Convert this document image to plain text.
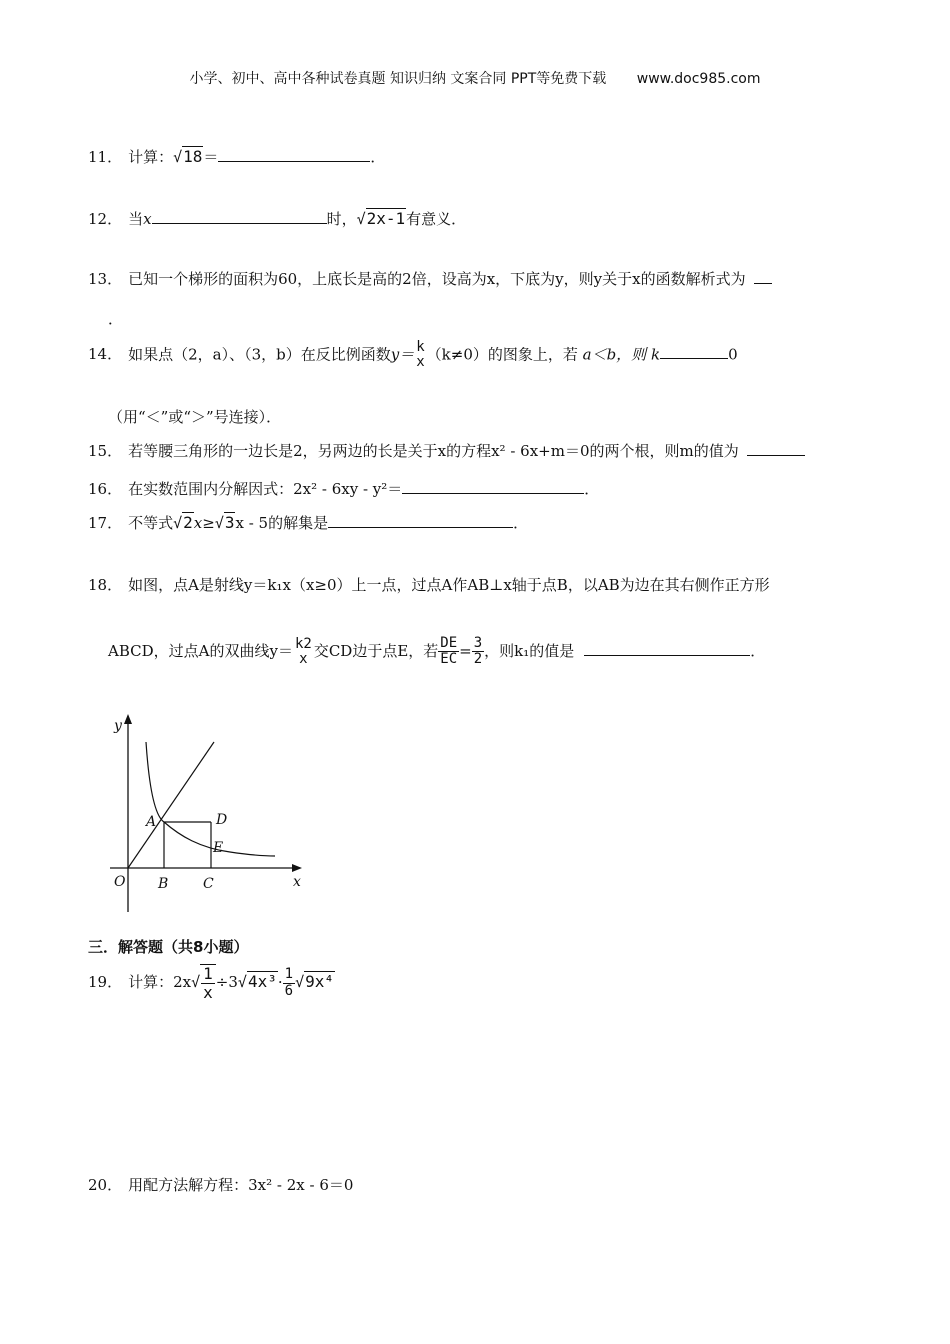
小学、初中、高中各种试卷真题 知识归纳 文案合同 PPT等免费下载 www.doc985.com
11． 计算：√18＝	．
12． 当x	时，√2x-1有意义．
13． 已知一个梯形的面积为60，上底长是高的2倍，设高为x，下底为y，则y关于x的函数解析式为
．
14． 如果点（2，a）、（3，b）在反比例函数y＝ k
x （k≠0）的图象上，若 a＜b，则 k	0
（用“＜”或“＞”号连接）．
15． 若等腰三角形的一边长是2，另两边的长是关于x的方程x² - 6x+m＝0的两个根，则m的值为
16． 在实数范围内分解因式：2x² - 6xy - y²＝	．
17． 不等式√2x≥√3x - 5的解集是	．
18． 如图，点A是射线y＝k₁x（x≥0）上一点，过点A作AB⊥x轴于点B，以AB为边在其右侧作正方形
ABCD，过点A的双曲线y＝ k2
x 交CD边于点E，若 $\frac{DE}{EC} = \frac{3}{2}$ ，则k₁的值是	．
y
x
O
A
B C
D
E
三．解答题（共8小题）
19． 计算：$2x√ \frac{1}{x} \div 3√4x^3\cdot \frac{1}{6} √9x^4$
20． 用配方法解方程：3x² - 2x - 6＝0
